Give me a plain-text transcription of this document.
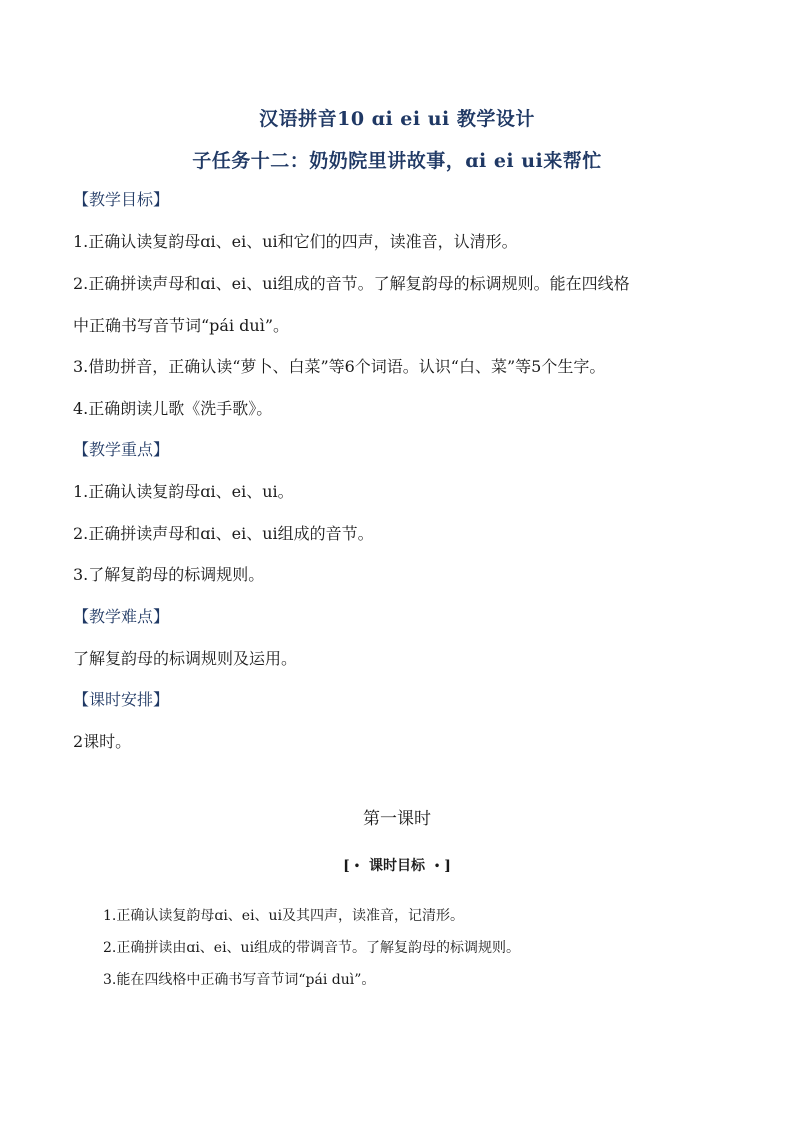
汉语拼音10 ɑi ei ui 教学设计
子任务十二：奶奶院里讲故事，ɑi ei ui来帮忙
【教学目标】
1.正确认读复韵母ɑi、ei、ui和它们的四声，读准音，认清形。
2.正确拼读声母和ɑi、ei、ui组成的音节。了解复韵母的标调规则。能在四线格
中正确书写音节词“pái duì”。
3.借助拼音，正确认读“萝卜、白菜”等6个词语。认识“白、菜”等5个生字。
4.正确朗读儿歌《洗手歌》。
【教学重点】
1.正确认读复韵母ɑi、ei、ui。
2.正确拼读声母和ɑi、ei、ui组成的音节。
3.了解复韵母的标调规则。
【教学难点】
了解复韵母的标调规则及运用。
【课时安排】
2课时。
第一课时
[ • 课时目标 • ]
1.正确认读复韵母ɑi、ei、ui及其四声，读准音，记清形。
2.正确拼读由ɑi、ei、ui组成的带调音节。了解复韵母的标调规则。
3.能在四线格中正确书写音节词“pái duì”。
